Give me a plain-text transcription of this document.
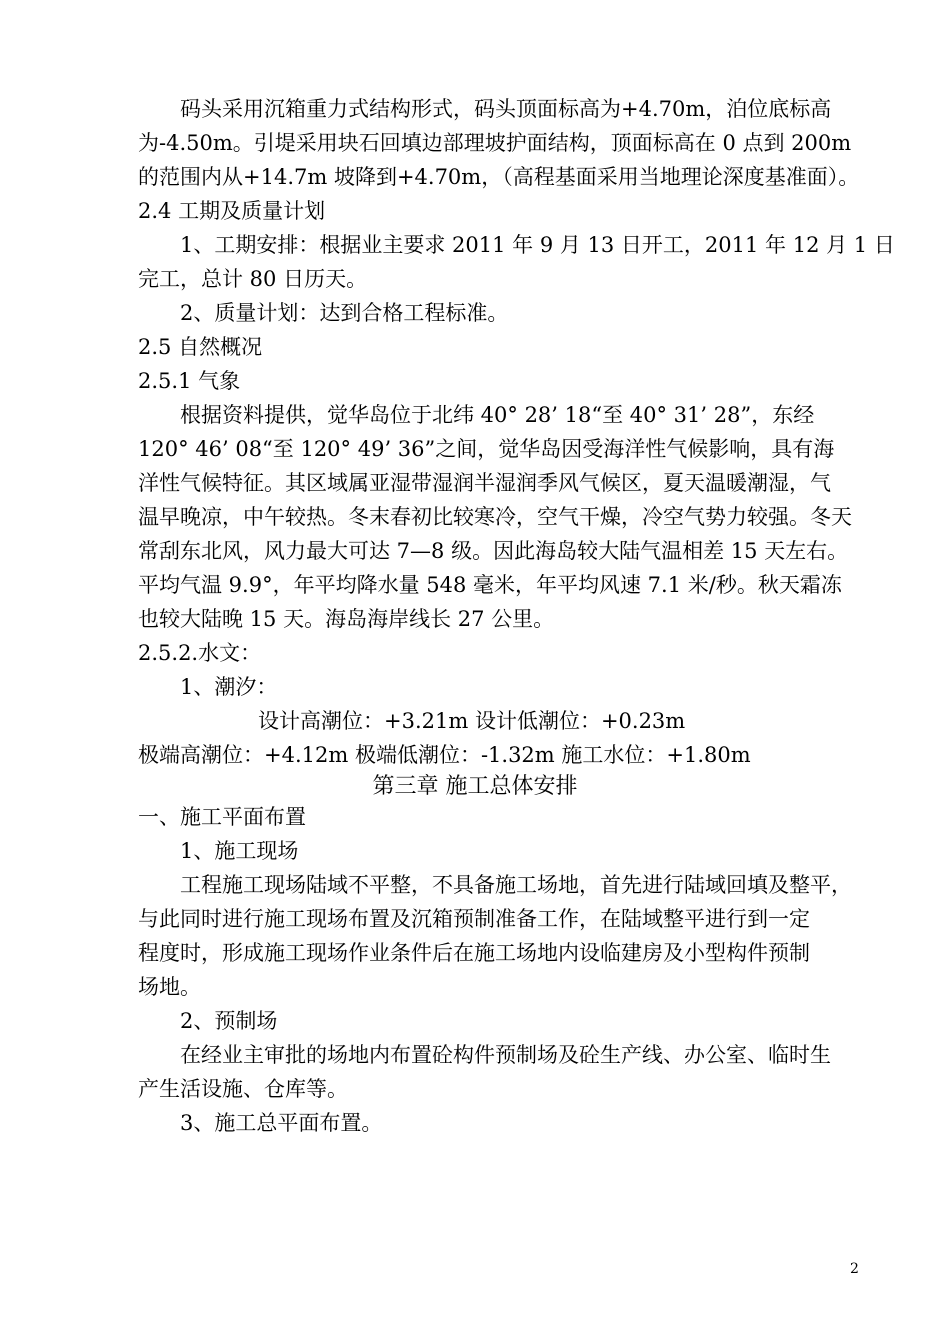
码头采用沉箱重力式结构形式，码头顶面标高为+4.70m，泊位底标高
为-4.50m。引堤采用块石回填边部理坡护面结构，顶面标高在 0 点到 200m
的范围内从+14.7m 坡降到+4.70m，（高程基面采用当地理论深度基准面）。
2.4 工期及质量计划
1、工期安排：根据业主要求 2011 年 9 月 13 日开工，2011 年 12 月 1 日
完工，总计 80 日历天。
2、质量计划：达到合格工程标准。
2.5 自然概况
2.5.1 气象
根据资料提供，觉华岛位于北纬 40° 28’ 18“至 40° 31’ 28”，东经
120° 46’ 08“至 120° 49’ 36”之间，觉华岛因受海洋性气候影响，具有海
洋性气候特征。其区域属亚湿带湿润半湿润季风气候区，夏天温暖潮湿，气
温早晚凉，中午较热。冬末春初比较寒冷，空气干燥，冷空气势力较强。冬天
常刮东北风，风力最大可达 7—8 级。因此海岛较大陆气温相差 15 天左右。
平均气温 9.9°，年平均降水量 548 毫米，年平均风速 7.1 米/秒。秋天霜冻
也较大陆晚 15 天。海岛海岸线长 27 公里。
2.5.2.水文：
1、潮汐：
设计高潮位：+3.21m 设计低潮位：+0.23m
极端高潮位：+4.12m 极端低潮位：-1.32m 施工水位：+1.80m
第三章 施工总体安排
一、施工平面布置
1、施工现场
工程施工现场陆域不平整，不具备施工场地，首先进行陆域回填及整平，
与此同时进行施工现场布置及沉箱预制准备工作，在陆域整平进行到一定
程度时，形成施工现场作业条件后在施工场地内设临建房及小型构件预制
场地。
2、预制场
在经业主审批的场地内布置砼构件预制场及砼生产线、办公室、临时生
产生活设施、仓库等。
3、施工总平面布置。
2
